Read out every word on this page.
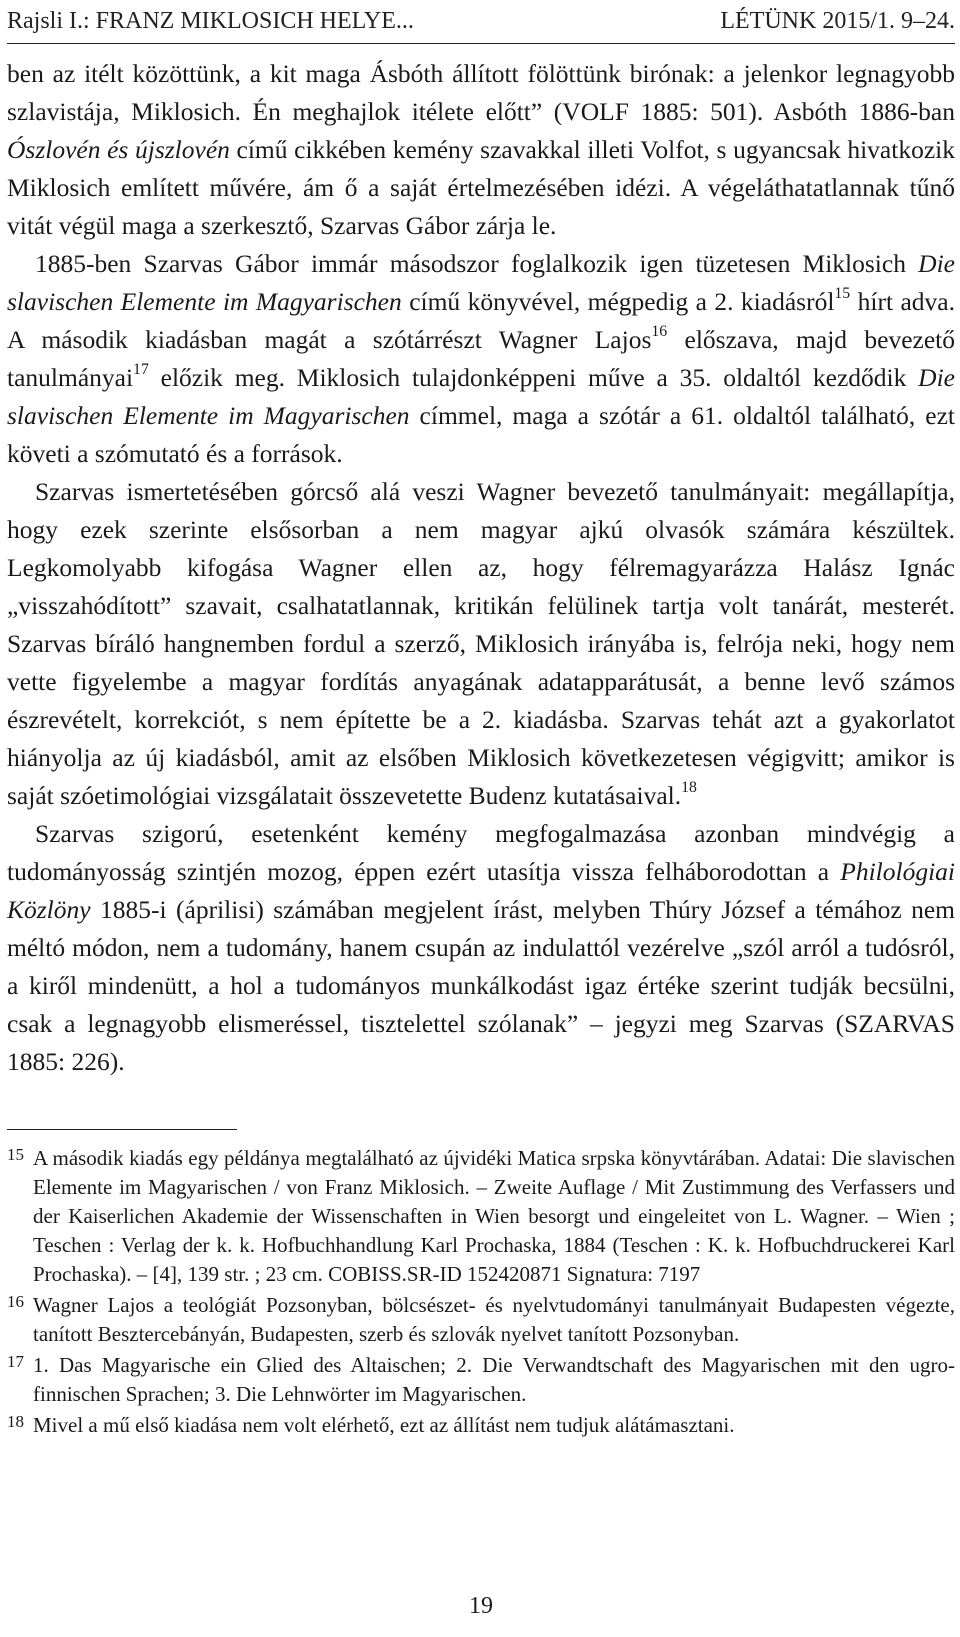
Rajsli I.: FRANZ MIKLOSICH HELYE...	LÉTÜNK 2015/1. 9–24.

ben az itélt közöttünk, a kit maga Ásbóth állított fölöttünk birónak: a jelenkor legnagyobb szlavistája, Miklosich. Én meghajlok itélete előtt” (VOLF 1885: 501). Asbóth 1886-ban Ószlovén és újszlovén című cikkében kemény szavakkal illeti Volfot, s ugyancsak hivatkozik Miklosich említett művére, ám ő a saját értelmezésében idézi. A végeláthatatlannak tűnő vitát végül maga a szerkesztő, Szarvas Gábor zárja le.

1885-ben Szarvas Gábor immár másodszor foglalkozik igen tüzetesen Miklosich Die slavischen Elemente im Magyarischen című könyvével, mégpedig a 2. kiadásról$^{15}$ hírt adva. A második kiadásban magát a szótárrészt Wagner Lajos$^{16}$ előszava, majd bevezető tanulmányai$^{17}$ előzik meg. Miklosich tulajdonképpeni műve a 35. oldaltól kezdődik Die slavischen Elemente im Magyarischen címmel, maga a szótár a 61. oldaltól található, ezt követi a szómutató és a források.

Szarvas ismertetésében górcső alá veszi Wagner bevezető tanulmányait: megállapítja, hogy ezek szerinte elsősorban a nem magyar ajkú olvasók számára készültek. Legkomolyabb kifogása Wagner ellen az, hogy félremagyarázza Halász Ignác „visszahódított” szavait, csalhatatlannak, kritikán felülinek tartja volt tanárát, mesterét. Szarvas bíráló hangnemben fordul a szerző, Miklosich irányába is, felrója neki, hogy nem vette figyelembe a magyar fordítás anyagának adatapparátusát, a benne levő számos észrevételt, korrekciót, s nem építette be a 2. kiadásba. Szarvas tehát azt a gyakorlatot hiányolja az új kiadásból, amit az elsőben Miklosich következetesen végigvitt; amikor is saját szóetimológiai vizsgálatait összevetette Budenz kutatásaival.$^{18}$

Szarvas szigorú, esetenként kemény megfogalmazása azonban mindvégig a tudományosság szintjén mozog, éppen ezért utasítja vissza felháborodottan a Philológiai Közlöny 1885-i (áprilisi) számában megjelent írást, melyben Thúry József a témához nem méltó módon, nem a tudomány, hanem csupán az indulattól vezérelve „szól arról a tudósról, a kiről mindenütt, a hol a tudományos munkálkodást igaz értéke szerint tudják becsülni, csak a legnagyobb elismeréssel, tisztelettel szólanak” – jegyzi meg Szarvas (SZARVAS 1885: 226).

15 A második kiadás egy példánya megtalálható az újvidéki Matica srpska könyvtárában. Adatai: Die slavischen Elemente im Magyarischen / von Franz Miklosich. – Zweite Auflage / Mit Zustimmung des Verfassers und der Kaiserlichen Akademie der Wissenschaften in Wien besorgt und eingeleitet von L. Wagner. – Wien ; Teschen : Verlag der k. k. Hofbuchhandlung Karl Prochaska, 1884 (Teschen : K. k. Hofbuchdruckerei Karl Prochaska). – [4], 139 str. ; 23 cm. COBISS.SR-ID 152420871 Signatura: 7197
16 Wagner Lajos a teológiát Pozsonyban, bölcsészet- és nyelvtudományi tanulmányait Budapesten végezte, tanított Besztercebányán, Budapesten, szerb és szlovák nyelvet tanított Pozsonyban.
17 1. Das Magyarische ein Glied des Altaischen; 2. Die Verwandtschaft des Magyarischen mit den ugro-finnischen Sprachen; 3. Die Lehnwörter im Magyarischen.
18 Mivel a mű első kiadása nem volt elérhető, ezt az állítást nem tudjuk alátámasztani.
19
